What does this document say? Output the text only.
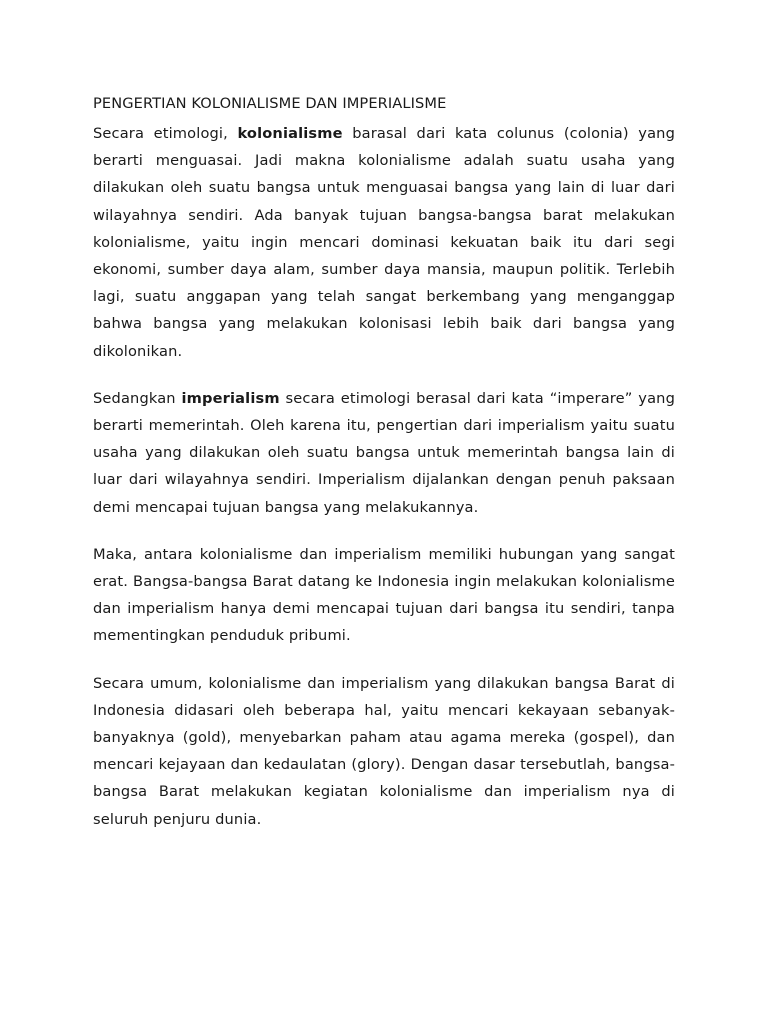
PENGERTIAN KOLONIALISME DAN IMPERIALISME

Secara etimologi, kolonialisme barasal dari kata colunus (colonia) yang berarti menguasai. Jadi makna kolonialisme adalah suatu usaha yang dilakukan oleh suatu bangsa untuk menguasai bangsa yang lain di luar dari wilayahnya sendiri. Ada banyak tujuan bangsa-bangsa barat melakukan kolonialisme, yaitu ingin mencari dominasi kekuatan baik itu dari segi ekonomi, sumber daya alam, sumber daya mansia, maupun politik. Terlebih lagi, suatu anggapan yang telah sangat berkembang yang menganggap bahwa bangsa yang melakukan kolonisasi lebih baik dari bangsa yang dikolonikan.

Sedangkan imperialism secara etimologi berasal dari kata “imperare” yang berarti memerintah. Oleh karena itu, pengertian dari imperialism yaitu suatu usaha yang dilakukan oleh suatu bangsa untuk memerintah bangsa lain di luar dari wilayahnya sendiri. Imperialism dijalankan dengan penuh paksaan demi mencapai tujuan bangsa yang melakukannya.

Maka, antara kolonialisme dan imperialism memiliki hubungan yang sangat erat. Bangsa-bangsa Barat datang ke Indonesia ingin melakukan kolonialisme dan imperialism hanya demi mencapai tujuan dari bangsa itu sendiri, tanpa mementingkan penduduk pribumi.

Secara umum, kolonialisme dan imperialism yang dilakukan bangsa Barat di Indonesia didasari oleh beberapa hal, yaitu mencari kekayaan sebanyak-banyaknya (gold), menyebarkan paham atau agama mereka (gospel), dan mencari kejayaan dan kedaulatan (glory). Dengan dasar tersebutlah, bangsa-bangsa Barat melakukan kegiatan kolonialisme dan imperialism nya di seluruh penjuru dunia.
